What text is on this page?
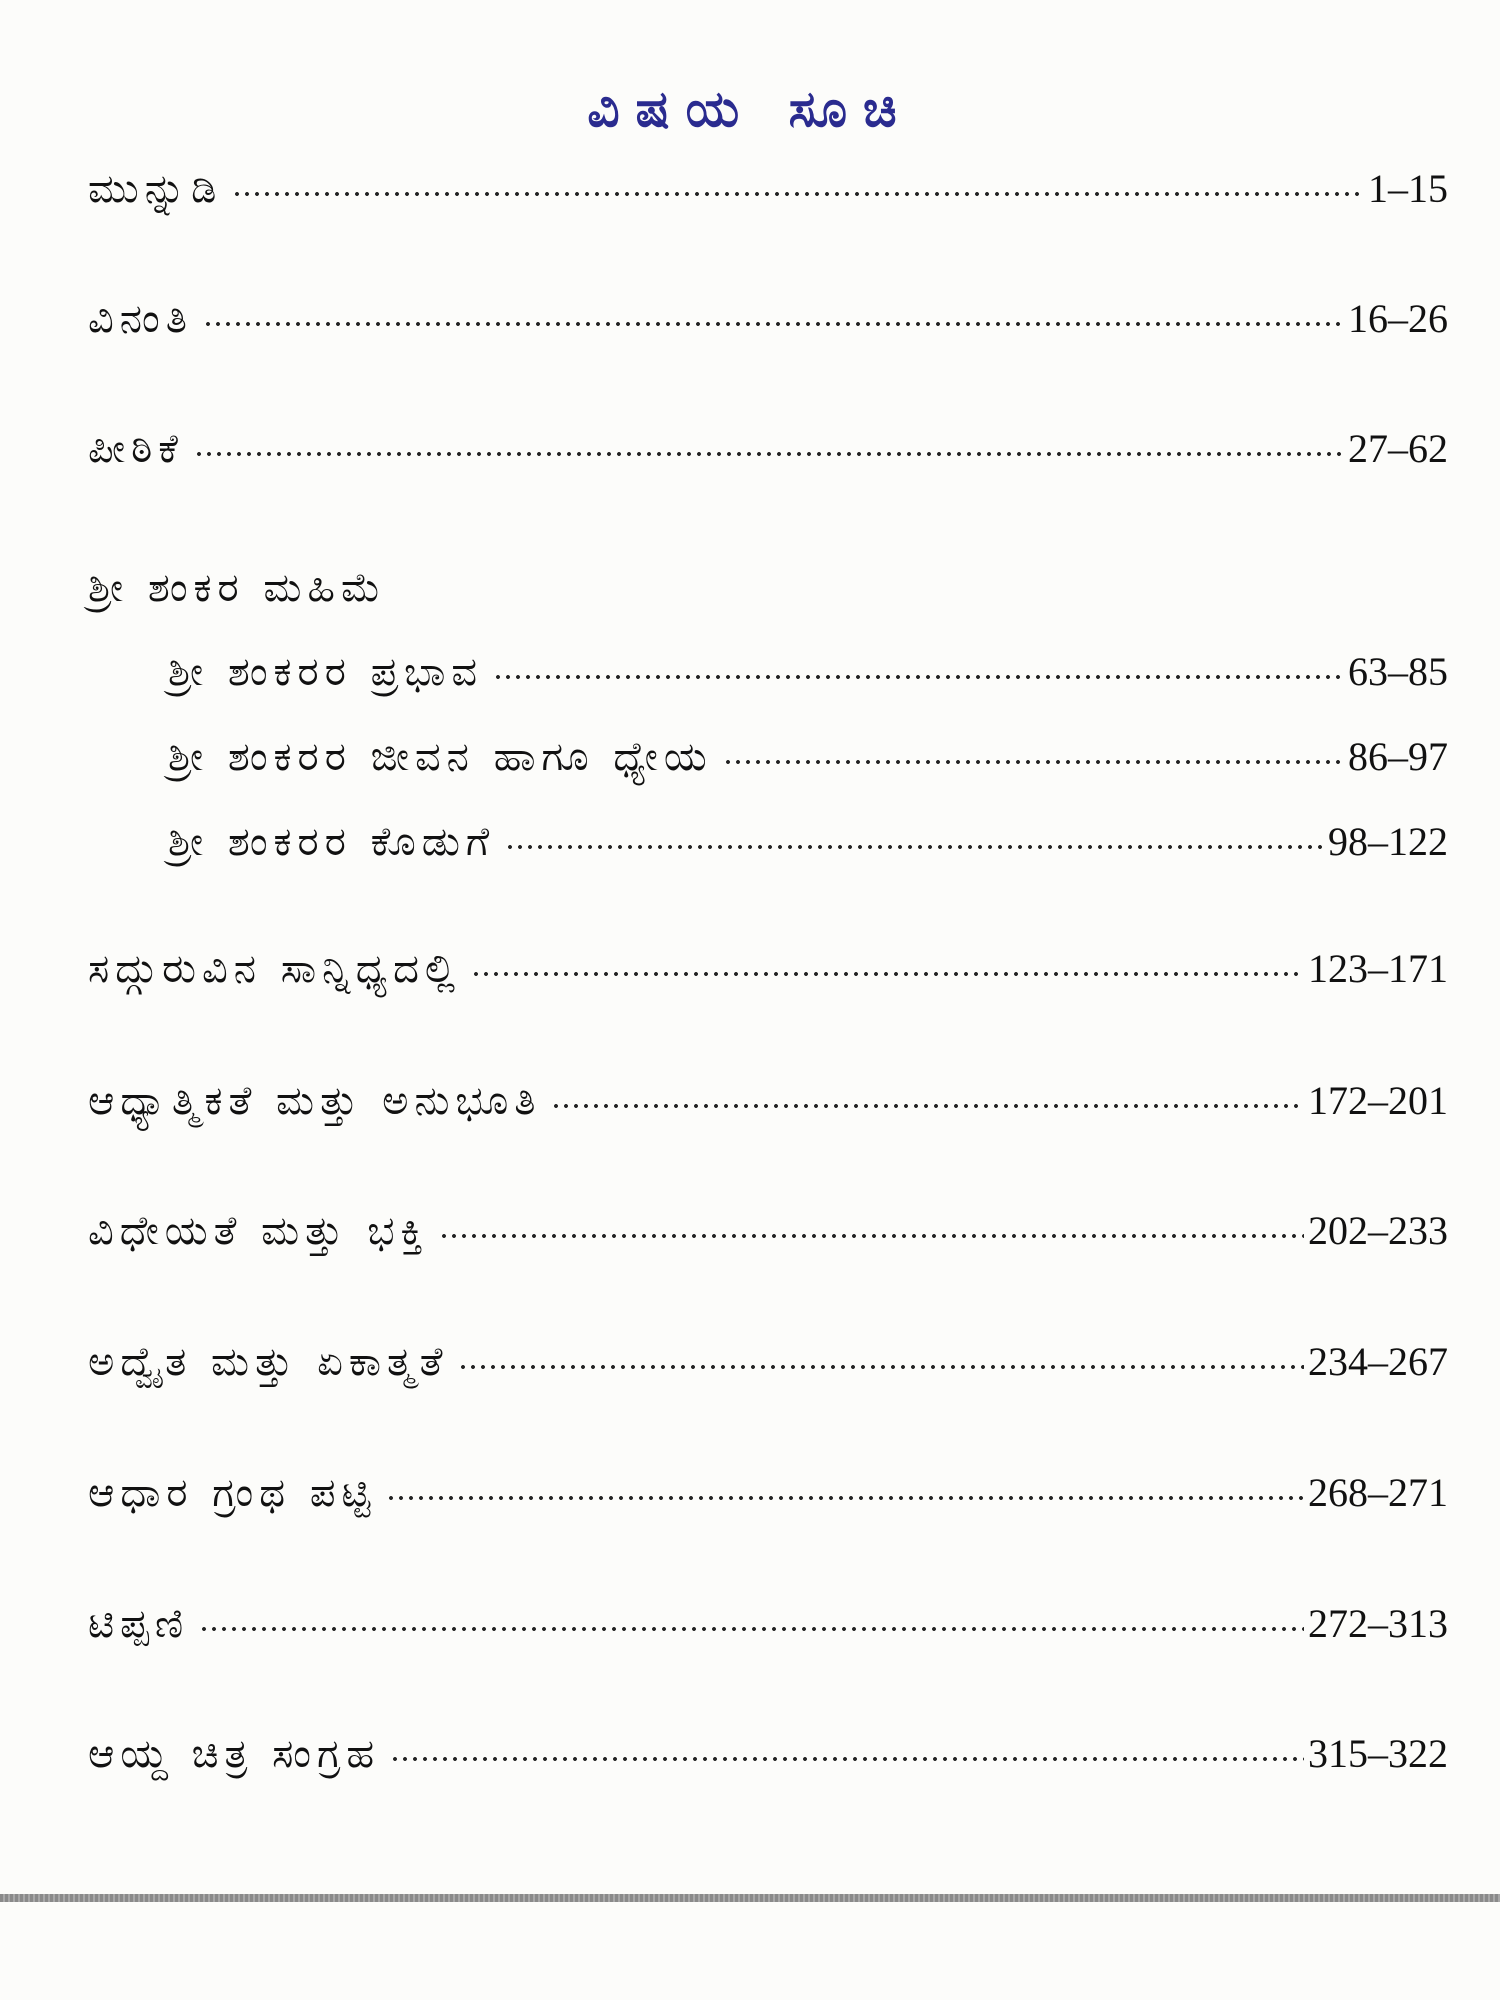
ವಿಷಯ ಸೂಚಿ
ಮುನ್ನುಡಿ	1–15
ವಿನಂತಿ	16–26
ಪೀಠಿಕೆ	27–62
ಶ್ರೀ ಶಂಕರ ಮಹಿಮೆ
ಶ್ರೀ ಶಂಕರರ ಪ್ರಭಾವ	63–85
ಶ್ರೀ ಶಂಕರರ ಜೀವನ ಹಾಗೂ ಧ್ಯೇಯ	86–97
ಶ್ರೀ ಶಂಕರರ ಕೊಡುಗೆ	98–122
ಸದ್ಗುರುವಿನ ಸಾನ್ನಿಧ್ಯದಲ್ಲಿ	123–171
ಆಧ್ಯಾತ್ಮಿಕತೆ ಮತ್ತು ಅನುಭೂತಿ	172–201
ವಿಧೇಯತೆ ಮತ್ತು ಭಕ್ತಿ	202–233
ಅದ್ವೈತ ಮತ್ತು ಏಕಾತ್ಮತೆ	234–267
ಆಧಾರ ಗ್ರಂಥ ಪಟ್ಟಿ	268–271
ಟಿಪ್ಪಣಿ	272–313
ಆಯ್ದ ಚಿತ್ರ ಸಂಗ್ರಹ	315–322
